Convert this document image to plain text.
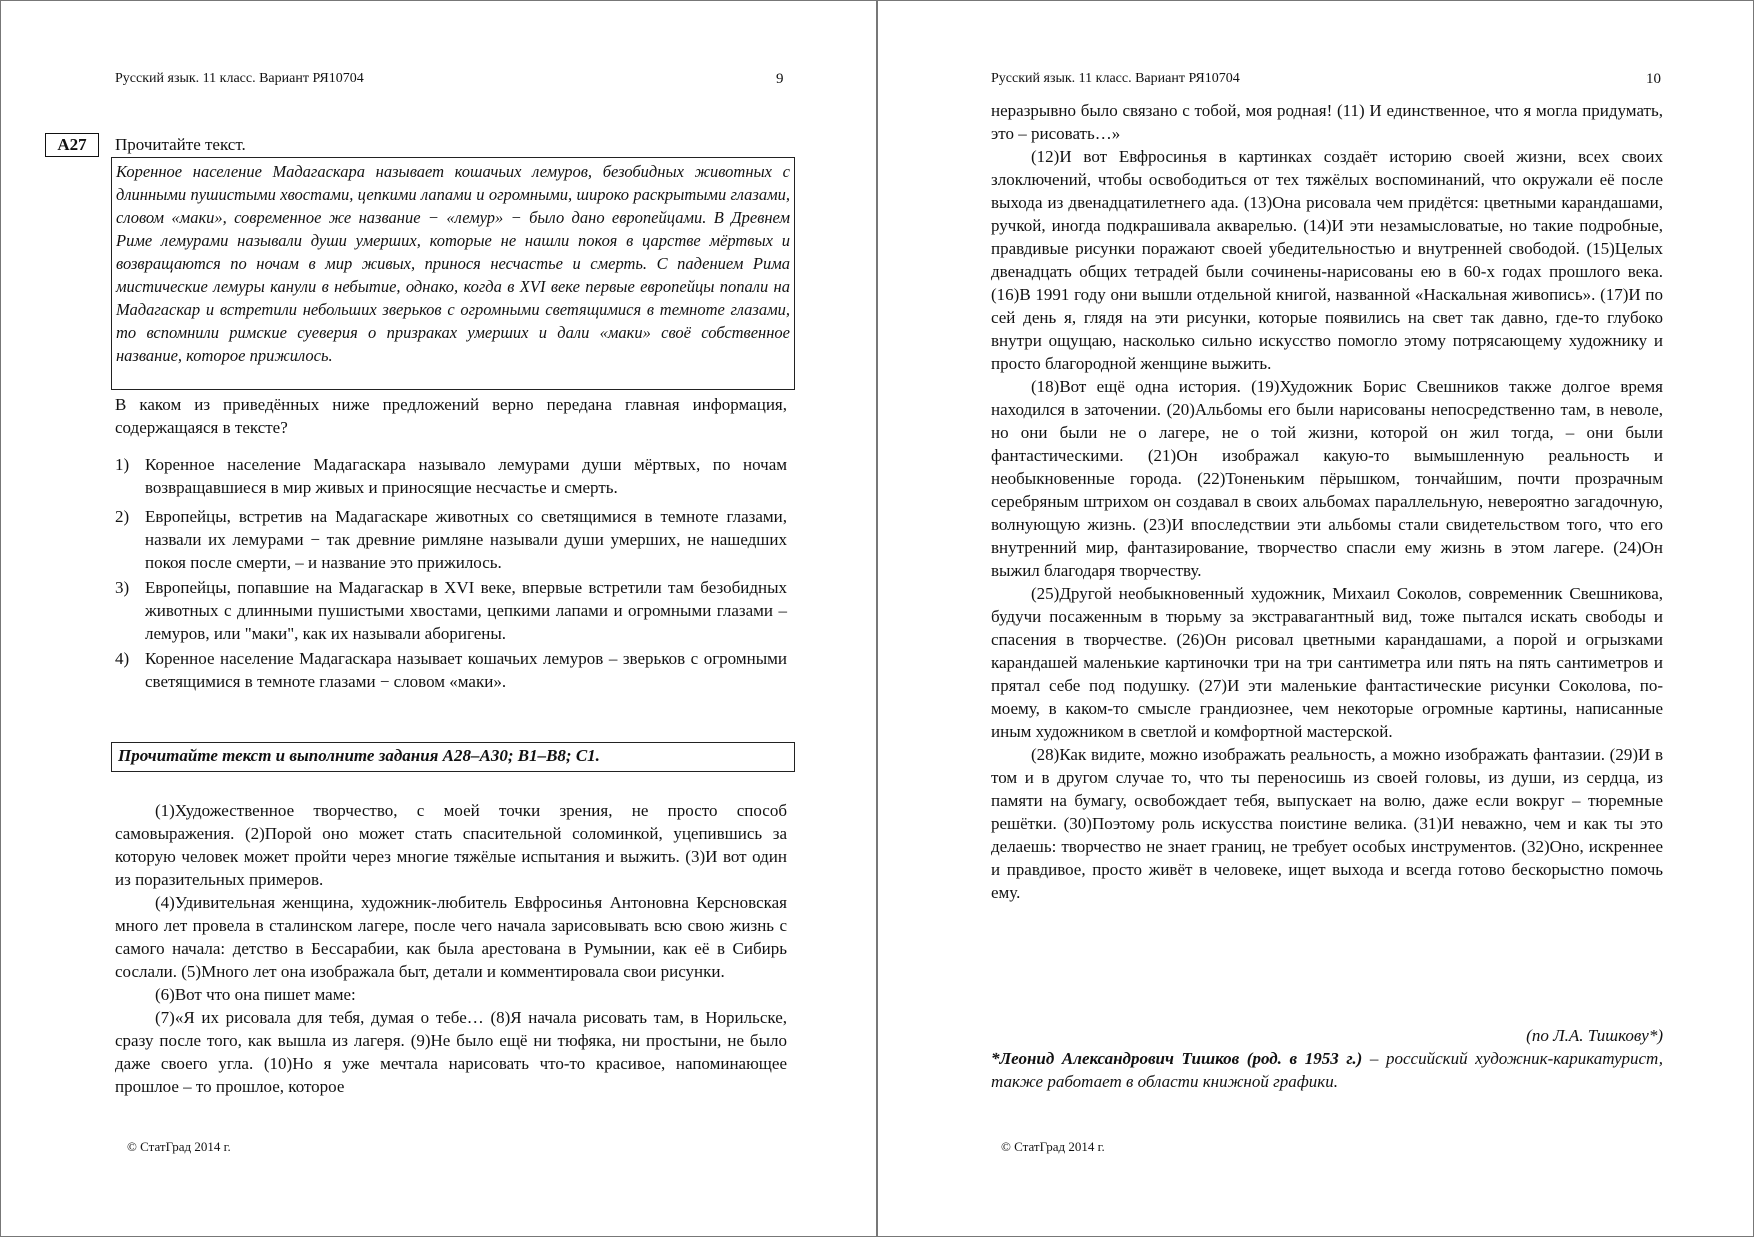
Русский язык. 11 класс. Вариант РЯ10704	9
А27	Прочитайте текст.
Коренное население Мадагаскара называет кошачьих лемуров, безобидных животных с длинными пушистыми хвостами, цепкими лапами и огромными, широко раскрытыми глазами, словом «маки», современное же название − «лемур» − было дано европейцами. В Древнем Риме лемурами называли души умерших, которые не нашли покоя в царстве мёртвых и возвращаются по ночам в мир живых, принося несчастье и смерть. С падением Рима мистические лемуры канули в небытие, однако, когда в XVI веке первые европейцы попали на Мадагаскар и встретили небольших зверьков с огромными светящимися в темноте глазами, то вспомнили римские суеверия о призраках умерших и дали «маки» своё собственное название, которое прижилось.
В каком из приведённых ниже предложений верно передана главная информация, содержащаяся в тексте?
1) Коренное население Мадагаскара называло лемурами души мёртвых, по ночам возвращавшиеся в мир живых и приносящие несчастье и смерть.
2) Европейцы, встретив на Мадагаскаре животных со светящимися в темноте глазами, назвали их лемурами − так древние римляне называли души умерших, не нашедших покоя после смерти, – и название это прижилось.
3) Европейцы, попавшие на Мадагаскар в XVI веке, впервые встретили там безобидных животных с длинными пушистыми хвостами, цепкими лапами и огромными глазами – лемуров, или "маки", как их называли аборигены.
4) Коренное население Мадагаскара называет кошачьих лемуров – зверьков с огромными светящимися в темноте глазами − словом «маки».
Прочитайте текст и выполните задания А28–А30; B1–B8; С1.

(1)Художественное творчество, с моей точки зрения, не просто способ самовыражения. (2)Порой оно может стать спасительной соломинкой, уцепившись за которую человек может пройти через многие тяжёлые испытания и выжить. (3)И вот один из поразительных примеров.

(4)Удивительная женщина, художник-любитель Евфросинья Антоновна Керсновская много лет провела в сталинском лагере, после чего начала зарисовывать всю свою жизнь с самого начала: детство в Бессарабии, как была арестована в Румынии, как её в Сибирь сослали. (5)Много лет она изображала быт, детали и комментировала свои рисунки.

(6)Вот что она пишет маме:

(7)«Я их рисовала для тебя, думая о тебе… (8)Я начала рисовать там, в Норильске, сразу после того, как вышла из лагеря. (9)Не было ещё ни тюфяка, ни простыни, не было даже своего угла. (10)Но я уже мечтала нарисовать что-то красивое, напоминающее прошлое – то прошлое, которое

© СтатГрад 2014 г.
Русский язык. 11 класс. Вариант РЯ10704	10

неразрывно было связано с тобой, моя родная! (11) И единственное, что я могла придумать, это – рисовать…»

(12)И вот Евфросинья в картинках создаёт историю своей жизни, всех своих злоключений, чтобы освободиться от тех тяжёлых воспоминаний, что окружали её после выхода из двенадцатилетнего ада. (13)Она рисовала чем придётся: цветными карандашами, ручкой, иногда подкрашивала акварелью. (14)И эти незамысловатые, но такие подробные, правдивые рисунки поражают своей убедительностью и внутренней свободой. (15)Целых двенадцать общих тетрадей были сочинены-нарисованы ею в 60-х годах прошлого века. (16)В 1991 году они вышли отдельной книгой, названной «Наскальная живопись». (17)И по сей день я, глядя на эти рисунки, которые появились на свет так давно, где-то глубоко внутри ощущаю, насколько сильно искусство помогло этому потрясающему художнику и просто благородной женщине выжить.

(18)Вот ещё одна история. (19)Художник Борис Свешников также долгое время находился в заточении. (20)Альбомы его были нарисованы непосредственно там, в неволе, но они были не о лагере, не о той жизни, которой он жил тогда, – они были фантастическими. (21)Он изображал какую-то вымышленную реальность и необыкновенные города. (22)Тоненьким пёрышком, тончайшим, почти прозрачным серебряным штрихом он создавал в своих альбомах параллельную, невероятно загадочную, волнующую жизнь. (23)И впоследствии эти альбомы стали свидетельством того, что его внутренний мир, фантазирование, творчество спасли ему жизнь в этом лагере. (24)Он выжил благодаря творчеству.

(25)Другой необыкновенный художник, Михаил Соколов, современник Свешникова, будучи посаженным в тюрьму за экстравагантный вид, тоже пытался искать свободы и спасения в творчестве. (26)Он рисовал цветными карандашами, а порой и огрызками карандашей маленькие картиночки три на три сантиметра или пять на пять сантиметров и прятал себе под подушку. (27)И эти маленькие фантастические рисунки Соколова, по-моему, в каком-то смысле грандиознее, чем некоторые огромные картины, написанные иным художником в светлой и комфортной мастерской.

(28)Как видите, можно изображать реальность, а можно изображать фантазии. (29)И в том и в другом случае то, что ты переносишь из своей головы, из души, из сердца, из памяти на бумагу, освобождает тебя, выпускает на волю, даже если вокруг – тюремные решётки. (30)Поэтому роль искусства поистине велика. (31)И неважно, чем и как ты это делаешь: творчество не знает границ, не требует особых инструментов. (32)Оно, искреннее и правдивое, просто живёт в человеке, ищет выхода и всегда готово бескорыстно помочь ему.

(по Л.А. Тишкову*)
*Леонид Александрович Тишков (род. в 1953 г.) – российский художник-карикатурист, также работает в области книжной графики.
© СтатГрад 2014 г.
